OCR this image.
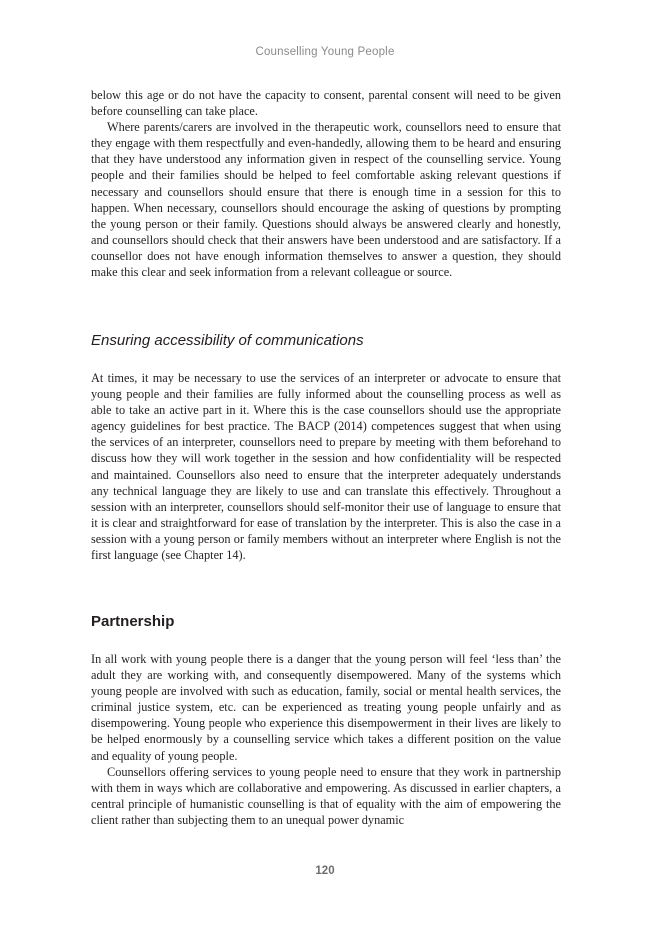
Counselling Young People

below this age or do not have the capacity to consent, parental consent will need to be given before counselling can take place.

Where parents/carers are involved in the therapeutic work, counsellors need to ensure that they engage with them respectfully and even-handedly, allowing them to be heard and ensuring that they have understood any information given in respect of the counselling service. Young people and their families should be helped to feel comfortable asking relevant questions if necessary and counsellors should ensure that there is enough time in a session for this to happen. When necessary, counsellors should encourage the asking of questions by prompting the young person or their family. Questions should always be answered clearly and honestly, and counsellors should check that their answers have been understood and are satisfactory. If a counsellor does not have enough information themselves to answer a question, they should make this clear and seek information from a relevant colleague or source.

Ensuring accessibility of communications

At times, it may be necessary to use the services of an interpreter or advocate to ensure that young people and their families are fully informed about the counselling process as well as able to take an active part in it. Where this is the case counsellors should use the appropriate agency guidelines for best practice. The BACP (2014) competences suggest that when using the services of an interpreter, counsellors need to prepare by meeting with them beforehand to discuss how they will work together in the session and how confidentiality will be respected and maintained. Counsellors also need to ensure that the interpreter adequately understands any technical language they are likely to use and can translate this effectively. Throughout a session with an interpreter, counsellors should self-monitor their use of language to ensure that it is clear and straightforward for ease of translation by the interpreter. This is also the case in a session with a young person or family members without an interpreter where English is not the first language (see Chapter 14).

Partnership

In all work with young people there is a danger that the young person will feel ‘less than’ the adult they are working with, and consequently disempowered. Many of the systems which young people are involved with such as education, family, social or mental health services, the criminal justice system, etc. can be experienced as treating young people unfairly and as disempowering. Young people who experience this disempowerment in their lives are likely to be helped enormously by a counselling service which takes a different position on the value and equality of young people.

Counsellors offering services to young people need to ensure that they work in partnership with them in ways which are collaborative and empowering. As discussed in earlier chapters, a central principle of humanistic counselling is that of equality with the aim of empowering the client rather than subjecting them to an unequal power dynamic

120
